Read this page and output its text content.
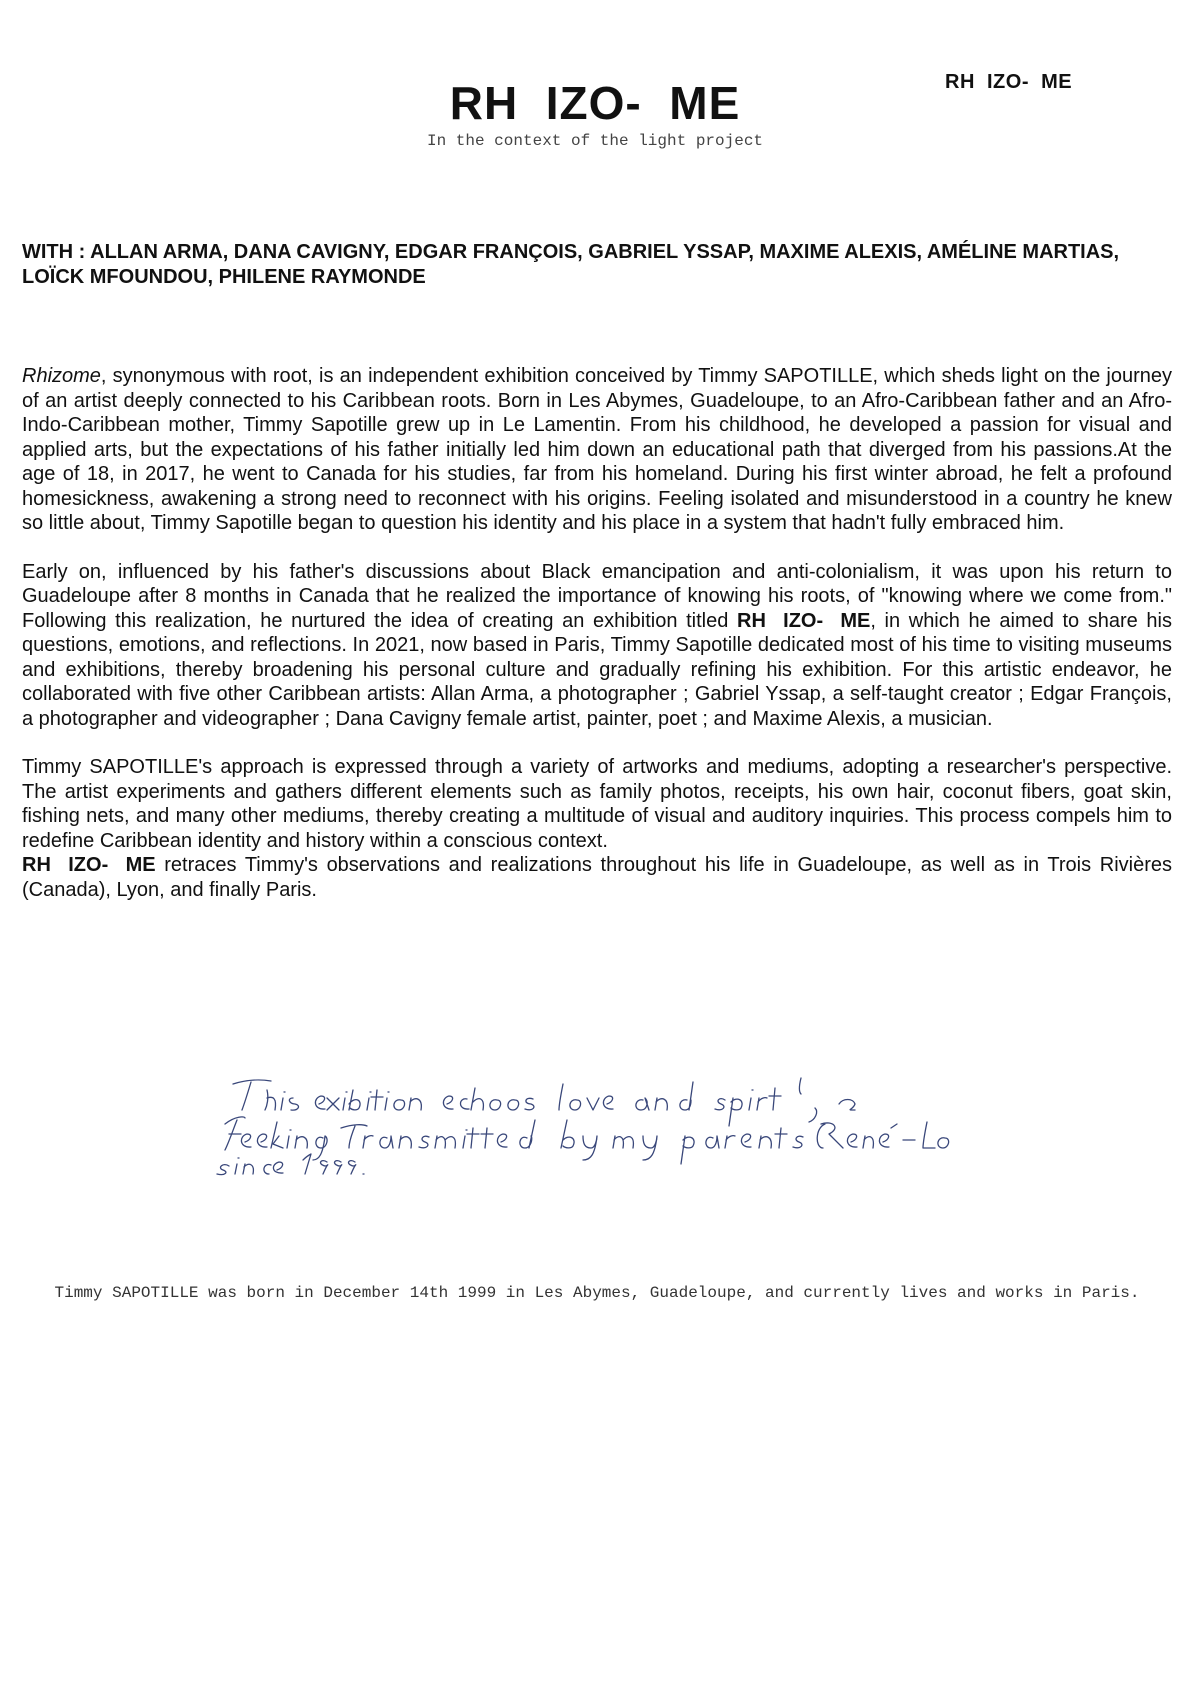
RH  IZO-  ME
RH  IZO-  ME
In the context of the light project
WITH : ALLAN ARMA, DANA CAVIGNY, EDGAR FRANÇOIS, GABRIEL YSSAP, MAXIME ALEXIS, AMÉLINE MARTIAS, LOÏCK MFOUNDOU, PHILENE RAYMONDE

Rhizome, synonymous with root, is an independent exhibition conceived by Timmy SAPOTILLE, which sheds light on the journey of an artist deeply connected to his Caribbean roots. Born in Les Abymes, Guadeloupe, to an Afro-Caribbean father and an Afro-Indo-Caribbean mother, Timmy Sapotille grew up in Le Lamentin. From his childhood, he developed a passion for visual and applied arts, but the expectations of his father initially led him down an educational path that diverged from his passions.At the age of 18, in 2017, he went to Canada for his studies, far from his homeland. During his first winter abroad, he felt a profound homesickness, awakening a strong need to reconnect with his origins. Feeling isolated and misunderstood in a country he knew so little about, Timmy Sapotille began to question his identity and his place in a system that hadn't fully embraced him.

Early on, influenced by his father's discussions about Black emancipation and anti-colonialism, it was upon his return to Guadeloupe after 8 months in Canada that he realized the importance of knowing his roots, of "knowing where we come from." Following this realization, he nurtured the idea of creating an exhibition titled RH  IZO-  ME, in which he aimed to share his questions, emotions, and reflections. In 2021, now based in Paris, Timmy Sapotille dedicated most of his time to visiting museums and exhibitions, thereby broadening his personal culture and gradually refining his exhibition. For this artistic endeavor, he collaborated with five other Caribbean artists: Allan Arma, a photographer ; Gabriel Yssap, a self-taught creator ; Edgar François, a photographer and videographer ; Dana Cavigny female artist, painter, poet ; and Maxime Alexis, a musician.

Timmy SAPOTILLE's approach is expressed through a variety of artworks and mediums, adopting a researcher's perspective. The artist experiments and gathers different elements such as family photos, receipts, his own hair, coconut fibers, goat skin, fishing nets, and many other mediums, thereby creating a multitude of visual and auditory inquiries. This process compels him to redefine Caribbean identity and history within a conscious context.

RH  IZO-  ME retraces Timmy's observations and realizations throughout his life in Guadeloupe, as well as in Trois Rivières (Canada), Lyon, and finally Paris.

Timmy SAPOTILLE was born in December 14th 1999 in Les Abymes, Guadeloupe, and currently lives and works in Paris.
